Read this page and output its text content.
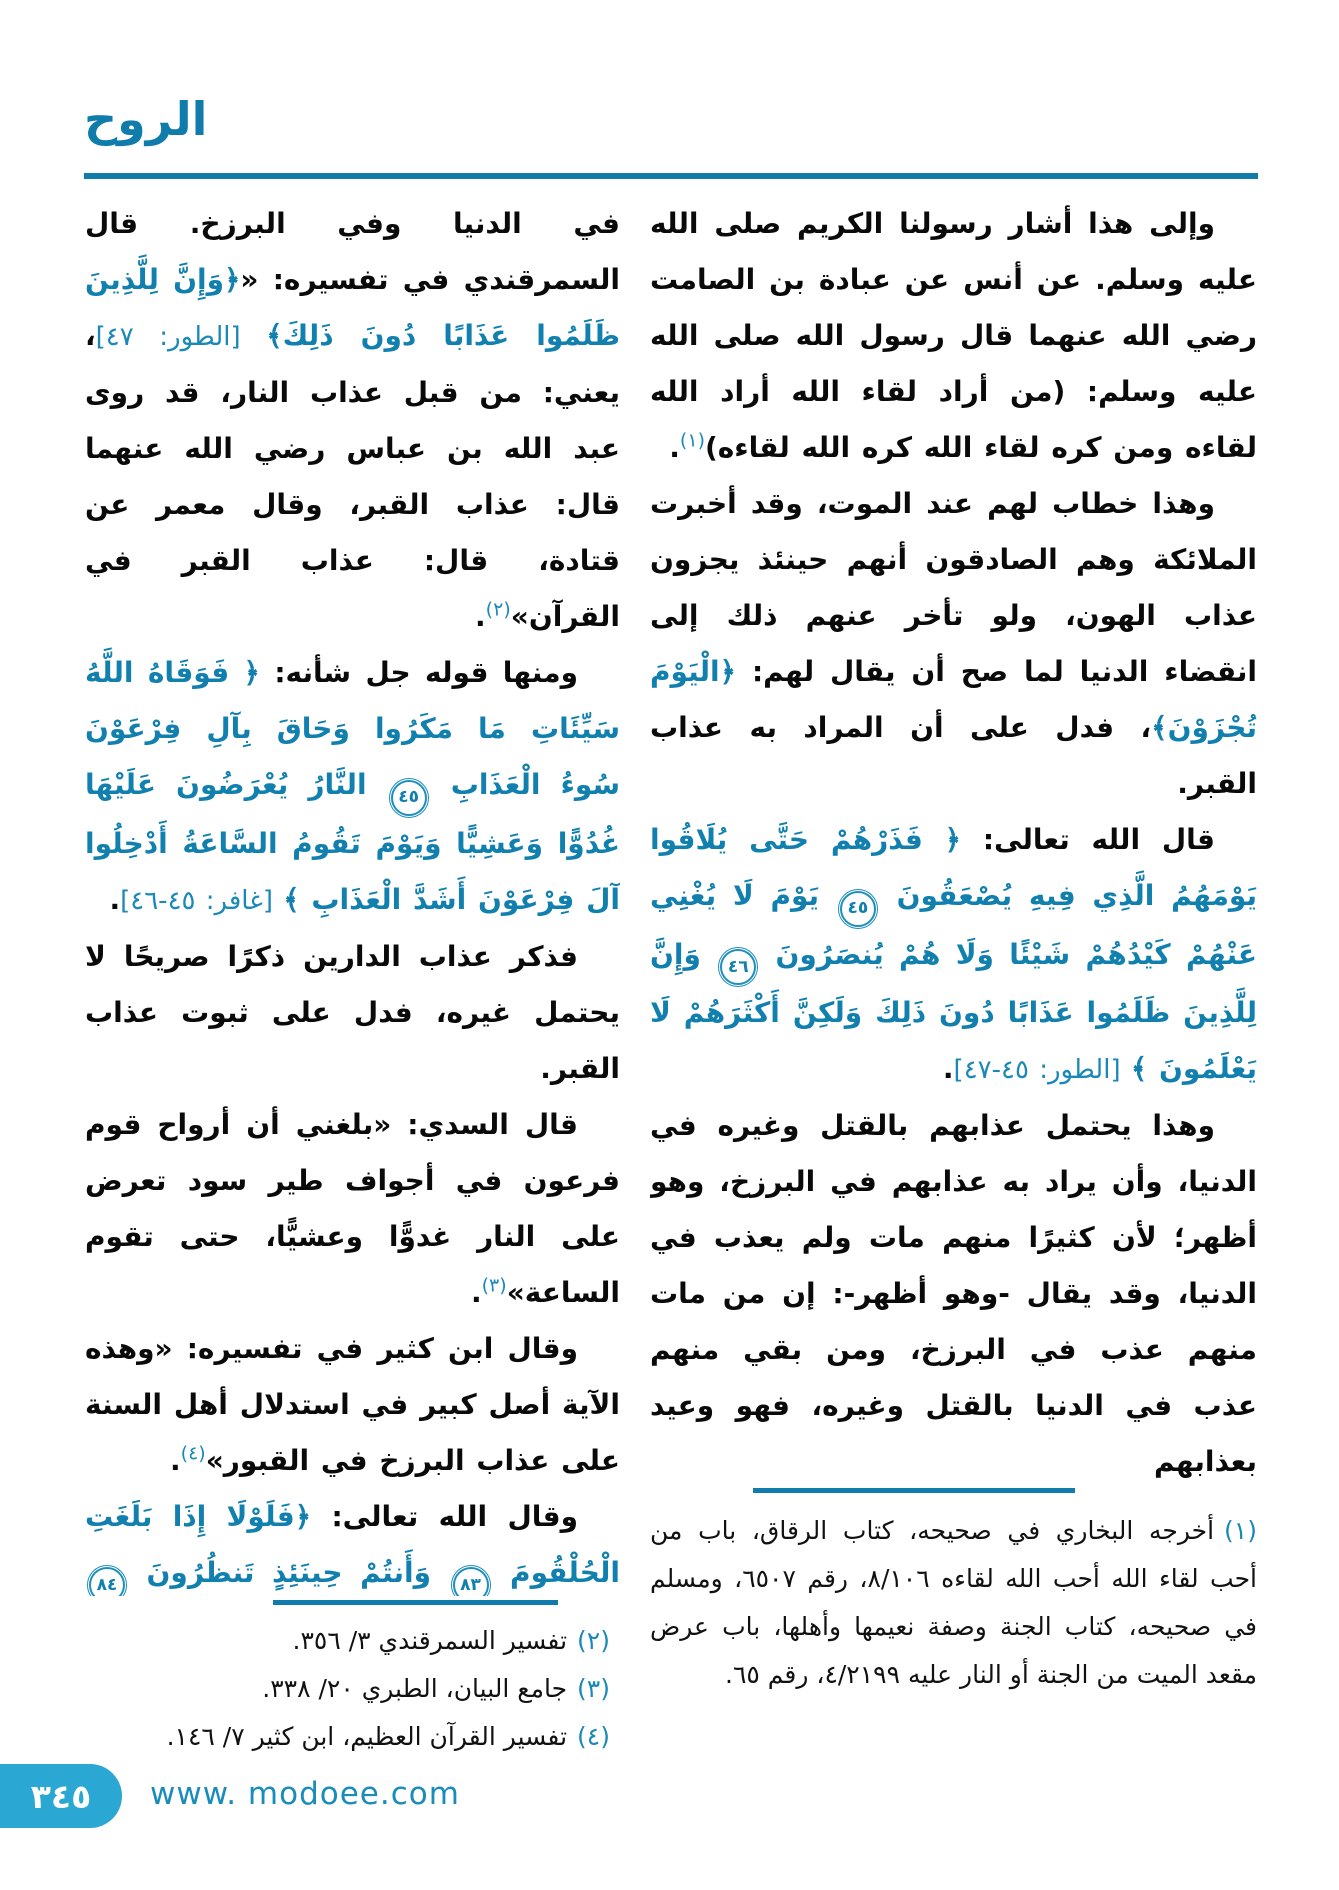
الروح

وإلى هذا أشار رسولنا الكريم صلى الله عليه وسلم. عن أنس عن عبادة بن الصامت رضي الله عنهما قال رسول الله صلى الله عليه وسلم: (من أراد لقاء الله أراد الله لقاءه ومن كره لقاء الله كره الله لقاءه)$^{(١)}$.

وهذا خطاب لهم عند الموت، وقد أخبرت الملائكة وهم الصادقون أنهم حينئذ يجزون عذاب الهون، ولو تأخر عنهم ذلك إلى انقضاء الدنيا لما صح أن يقال لهم: ﴿الْيَوْمَ تُجْزَوْنَ﴾، فدل على أن المراد به عذاب القبر.

قال الله تعالى: ﴿ فَذَرْهُمْ حَتَّى يُلَاقُوا يَوْمَهُمُ الَّذِي فِيهِ يُصْعَقُونَ ٤٥ يَوْمَ لَا يُغْنِي عَنْهُمْ كَيْدُهُمْ شَيْئًا وَلَا هُمْ يُنصَرُونَ ٤٦ وَإِنَّ لِلَّذِينَ ظَلَمُوا عَذَابًا دُونَ ذَلِكَ وَلَكِنَّ أَكْثَرَهُمْ لَا يَعْلَمُونَ ﴾ [الطور: ٤٥-٤٧].

وهذا يحتمل عذابهم بالقتل وغيره في الدنيا، وأن يراد به عذابهم في البرزخ، وهو أظهر؛ لأن كثيرًا منهم مات ولم يعذب في الدنيا، وقد يقال -وهو أظهر-: إن من مات منهم عذب في البرزخ، ومن بقي منهم عذب في الدنيا بالقتل وغيره، فهو وعيد بعذابهم

في الدنيا وفي البرزخ. قال السمرقندي في تفسيره: «﴿وَإِنَّ لِلَّذِينَ ظَلَمُوا عَذَابًا دُونَ ذَلِكَ﴾ [الطور: ٤٧]، يعني: من قبل عذاب النار، قد روى عبد الله بن عباس رضي الله عنهما قال: عذاب القبر، وقال معمر عن قتادة، قال: عذاب القبر في القرآن»$^{(٢)}$.

ومنها قوله جل شأنه: ﴿ فَوَقَاهُ اللَّهُ سَيِّئَاتِ مَا مَكَرُوا وَحَاقَ بِآلِ فِرْعَوْنَ سُوءُ الْعَذَابِ ٤٥ النَّارُ يُعْرَضُونَ عَلَيْهَا غُدُوًّا وَعَشِيًّا وَيَوْمَ تَقُومُ السَّاعَةُ أَدْخِلُوا آلَ فِرْعَوْنَ أَشَدَّ الْعَذَابِ ﴾ [غافر: ٤٥-٤٦].

فذكر عذاب الدارين ذكرًا صريحًا لا يحتمل غيره، فدل على ثبوت عذاب القبر.

قال السدي: «بلغني أن أرواح قوم فرعون في أجواف طير سود تعرض على النار غدوًّا وعشيًّا، حتى تقوم الساعة»$^{(٣)}$.

وقال ابن كثير في تفسيره: «وهذه الآية أصل كبير في استدلال أهل السنة على عذاب البرزخ في القبور»$^{(٤)}$.

وقال الله تعالى: ﴿فَلَوْلَا إِذَا بَلَغَتِ الْحُلْقُومَ ٨٣ وَأَنتُمْ حِينَئِذٍ تَنظُرُونَ ٨٤

(١)أخرجه البخاري في صحيحه، كتاب الرقاق، باب من أحب لقاء الله أحب الله لقاءه ٨/١٠٦، رقم ٦٥٠٧، ومسلم في صحيحه، كتاب الجنة وصفة نعيمها وأهلها، باب عرض مقعد الميت من الجنة أو النار عليه ٤/٢١٩٩، رقم ٦٥.
(٢)تفسير السمرقندي ٣/ ٣٥٦.
(٣)جامع البيان، الطبري ٢٠/ ٣٣٨.
(٤)تفسير القرآن العظيم، ابن كثير ٧/ ١٤٦.
٣٤٥ www. modoee.com
